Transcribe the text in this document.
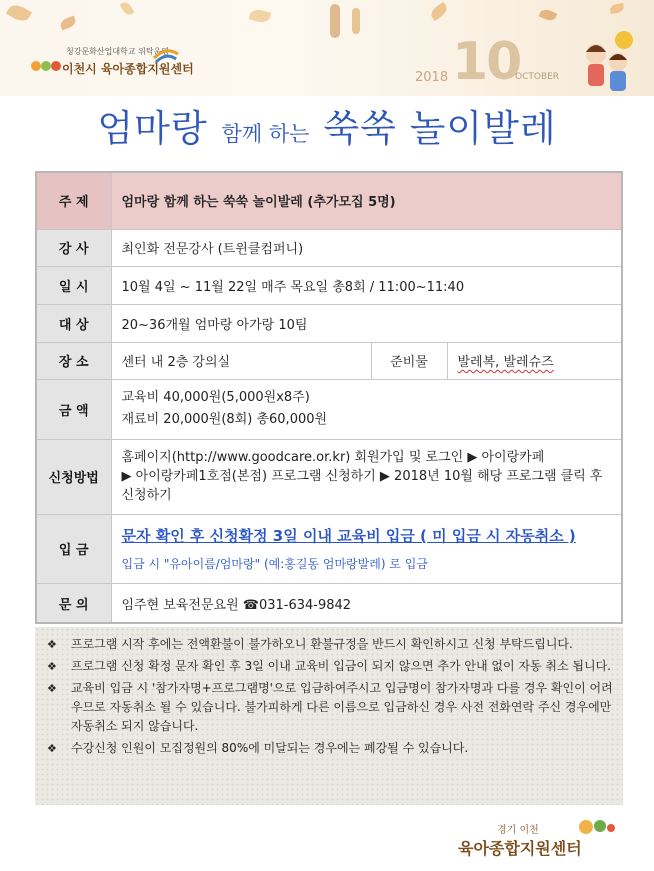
청강문화산업대학교 위탁운영
이천시 육아종합지원센터
2018 10
OCTOBER
엄마랑 함께 하는 쑥쑥 놀이발레
주 제	엄마랑 함께 하는 쑥쑥 놀이발레 (추가모집 5명)		
강 사	최인화 전문강사 (트윈클컴퍼니)		
일 시	10월 4일 ~ 11월 22일 매주 목요일 총8회 / 11:00~11:40		
대 상	20~36개월 엄마랑 아가랑 10팀		
장 소	센터 내 2층 강의실	준비물	발레복, 발레슈즈
금 액	교육비 40,000원(5,000원x8주)
재료비 20,000원(8회) 총60,000원		

신청방법	홈페이지(http://www.goodcare.or.kr) 회원가입 및 로그인 ▶ 아이랑카페
▶ 아이랑카페1호점(본점) 프로그램 신청하기 ▶ 2018년 10월 해당 프로그램 클릭 후
신청하기		

입 금	문자 확인 후 신청확정 3일 이내 교육비 입금 ( 미 입금 시 자동취소 )
입금 시 "유아이름/엄마랑" (예:홍길동 엄마랑발레) 로 입금		

문 의	임주현 보육전문요원 ☎031-634-9842		
❖	프로그램 시작 후에는 전액환불이 불가하오니 환불규정을 반드시 확인하시고 신청 부탁드립니다.
❖	프로그램 신청 확정 문자 확인 후 3일 이내 교육비 입금이 되지 않으면 추가 안내 없이 자동 취소 됩니다.
❖	교육비 입금 시 '참가자명+프로그램명'으로 입금하여주시고 입금명이 참가자명과 다를 경우 확인이 어려우므로 자동취소 될 수 있습니다. 불가피하게 다른 이름으로 입금하신 경우 사전 전화연락 주신 경우에만 자동취소 되지 않습니다.
❖	수강신청 인원이 모집정원의 80%에 미달되는 경우에는 폐강될 수 있습니다.
경기 이천
육아종합지원센터
